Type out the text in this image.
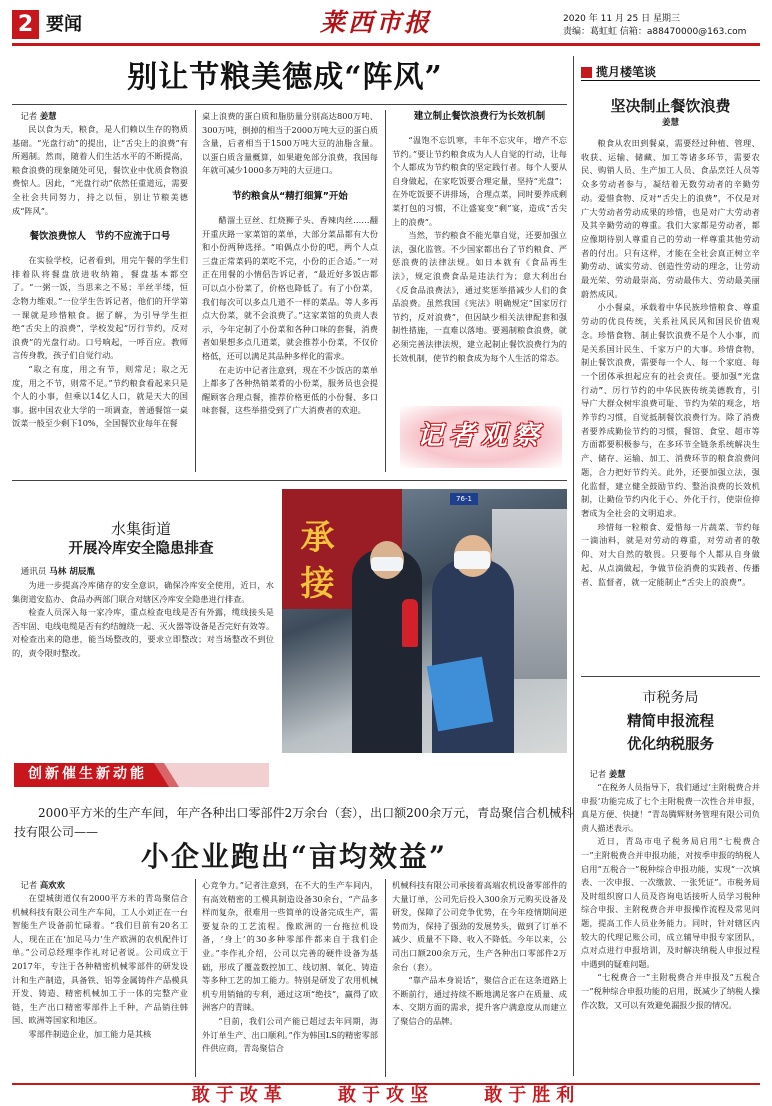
2 要闻	莱西市报	2020 年 11 月 25 日 星期三
责编：葛虹虹 信箱：a88470000@163.com
别让节粮美德成“阵风”
记者 姜慧

民以食为天，粮食，是人们赖以生存的物质基础。“光盘行动”的提出，让“舌尖上的浪费”有所遏制。然而，随着人们生活水平的不断提高，粮食浪费的现象随处可见，餐饮业中优质食物浪费惊人。因此，“光盘行动”依然任重道远，需要全社会共同努力，持之以恒，别让节粮美德成“阵风”。

餐饮浪费惊人　节约不应流于口号

在实验学校，记者看到，用完午餐的学生们排着队将餐盘放进收纳箱，餐盘基本都空了。“一粥一饭，当思来之不易；半丝半缕，恒念物力维艰。”一位学生告诉记者，他们的开学第一课就是珍惜粮食。据了解，为引导学生拒绝“舌尖上的浪费”，学校发起“厉行节约，反对浪费”的光盘行动。口号响起，一呼百应。教师言传身教，孩子们自觉行动。

“取之有度，用之有节，则常足；取之无度，用之不节，则常不足。”节约粮食看起来只是个人的小事，但乘以14亿人口，就是天大的国事。据中国农业大学的一项调查，普通餐馆一桌饭菜一般至少剩下10%，全国餐饮业每年在餐

桌上浪费的蛋白质和脂肪量分别高达800万吨、300万吨，倒掉的相当于2000万吨大豆的蛋白质含量，后者相当于1500万吨大豆的油脂含量。以蛋白质含量概算，如果避免部分浪费，我国每年就可减少1000多万吨的大豆进口。

节约粮食从“精打细算”开始

醋溜土豆丝、红烧狮子头、香辣肉丝……翻开重庆路一家菜馆的菜单，大部分菜品都有大份和小份两种选择。“咱偶点小份的吧，两个人点三盘正常菜码的菜吃不完，小份的正合适。”一对正在用餐的小情侣告诉记者，“最近好多饭店都可以点小份菜了，价格也降低了。有了小份菜，我们每次可以多点几道不一样的菜品。等人多再点大份菜，就不会浪费了。”这家菜馆的负责人表示，今年定制了小份菜和各种口味的套餐，消费者如果想多点几道菜，就会推荐小份菜，不仅价格低，还可以满足其品种多样化的需求。

在走访中记者注意到，现在不少饭店的菜单上都多了各种热销菜肴的小份菜，服务员也会提醒顾客合理点餐，推荐价格更低的小份餐、多口味套餐，这些举措受到了广大消费者的欢迎。

建立制止餐饮浪费行为长效机制

“温饱不忘饥寒，丰年不忘灾年，增产不忘节约。”要让节约粮食成为人人自觉的行动，让每个人都成为节约粮食的坚定践行者。每个人要从自身做起，在家吃饭要合理定量，坚持“光盘”；在外吃饭要不讲排场，合理点菜，同时要养成剩菜打包的习惯，不让盛宴变“剩”宴，造成“舌尖上的浪费”。

当然，节约粮食不能光靠自觉，还要加强立法，强化监管。不少国家都出台了节约粮食、严惩浪费的法律法规。如日本就有《食品再生法》，规定浪费食品是违法行为；意大利出台《反食品浪费法》，通过奖惩举措减少人们的食品浪费。虽然我国《宪法》明确规定“国家厉行节约，反对浪费”，但因缺少相关法律配套和强制性措施，一直难以落地。要遏制粮食浪费，就必须完善法律法规，建立起制止餐饮浪费行为的长效机制，使节约粮食成为每个人生活的常态。

记者观察
揽月楼笔谈
坚决制止餐饮浪费
姜慧

粮食从农田到餐桌，需要经过种植、管理、收获、运输、储藏、加工等诸多环节，需要农民、购销人员、生产加工人员、食品烹饪人员等众多劳动者参与，凝结着无数劳动者的辛勤劳动。爱惜食物、反对“舌尖上的浪费”，不仅是对广大劳动者劳动成果的珍惜，也是对广大劳动者及其辛勤劳动的尊重。我们大家都是劳动者，都应像期待别人尊重自己的劳动一样尊重其他劳动者的付出。只有这样，才能在全社会真正树立辛勤劳动、诚实劳动、创造性劳动的理念，让劳动最光荣、劳动最崇高、劳动最伟大、劳动最美丽蔚然成风。

小小餐桌，承载着中华民族珍惜粮食、尊重劳动的优良传统，关系社风民风和国民价值观念。珍惜食物、制止餐饮浪费不是个人小事，而是关系国计民生、千家万户的大事。珍惜食物，制止餐饮浪费，需要每一个人、每一个家庭、每一个团体承担起应有的社会责任。要加强“光盘行动”、厉行节约的中华民族传统美德教育，引导广大群众树牢浪费可耻、节约为荣的观念，培养节约习惯，自觉抵制餐饮浪费行为。除了消费者要养成勤俭节约的习惯，餐馆、食堂、超市等方面都要积极参与，在多环节全链条系统解决生产、储存、运输、加工、消费环节的粮食浪费问题，合力把好节约关。此外，还要加强立法，强化监督，建立健全鼓励节约、整治浪费的长效机制，让勤俭节约内化于心、外化于行，使崇俭抑奢成为全社会的文明追求。

珍惜每一粒粮食、爱惜每一片蔬菜、节约每一滴油料，就是对劳动的尊重，对劳动者的敬仰、对大自然的敬畏。只要每个人都从自身做起、从点滴做起，争做节俭消费的实践者、传播者、监督者，就一定能制止“舌尖上的浪费”。

水集街道
开展冷库安全隐患排查
通讯员 马林 胡辰胤

为进一步提高冷库储存的安全意识，确保冷库安全使用，近日，水集街道安监办、食品办两部门联合对辖区冷库安全隐患进行排查。

检查人员深入每一家冷库，重点检查电线是否有外露，缆线接头是否牢固、电线电缆是否有约结缠绕一起、灭火器等设备是否完好有效等。对检查出来的隐患，能当场整改的，要求立即整改；对当场整改不到位的，责令限时整改。

承 接
76-1
市税务局
精简申报流程
优化纳税服务
记者 姜慧

“在税务人员指导下，我们通过‘主附税费合并申报’功能完成了七个主附税费一次性合并申报，真是方便、快捷！”青岛腾辉财务管理有限公司负责人描述表示。

近日，青岛市电子税务局启用“七税费合一”主附税费合并申报功能，对按季申报的纳税人启用“五税合一”税种综合申报功能，实现“一次填表、一次申报、一次缴款、一张凭证”。市税务局及时组织窗口人员及咨询电话接听人员学习税种综合申报、主附税费合并申报操作流程及常见问题，提高工作人员业务能力。同时，针对辖区内较大的代理记账公司，成立辅导申报专家团队，点对点进行申报培训，及时解决纳税人申报过程中遇到的疑难问题。

“七税费合一”主附税费合并申报及“五税合一”税种综合申报功能的启用，既减少了纳税人操作次数，又可以有效避免漏报少报的情况。

创新催生新动能
2000平方米的生产车间，年产各种出口零部件2万余台（套），出口额200余万元，青岛聚信合机械科技有限公司——
小企业跑出“亩均效益”
记者 高欢欢

在望城街道仅有2000平方米的青岛聚信合机械科技有限公司生产车间，工人小刘正在一台智能生产设备前忙碌着。“我们目前有20名工人，现在正在‘加足马力’生产欧洲的农机配件订单。”公司总经理李作礼对记者说。公司成立于2017年，专注于各种精密机械零部件的研发设计和生产制造，具备铁、铝等金属铸件产品模具开发、铸造、精密机械加工于一体的完整产业链，生产出口精密零部件上千种，产品销往韩国、欧洲等国家和地区。

零部件制造企业，加工能力是其核

心竞争力。”记者注意到，在不大的生产车间内，有高效精密的工模具制造设备30余台，“产品多样而复杂，很难用一些简单的设备完成生产，需要复杂的工艺流程。像欧洲的一台拖拉机设备，‘身上’的30多种零部件都来自于我们企业。”李作礼介绍，公司以完善的硬件设备为基础，形成了覆盖数控加工、线切割、氧化、铸造等多种工艺的加工能力。特别是研发了农用机械机专用销轴的专利，通过这项“绝技”，赢得了欧洲客户的青睐。

“目前，我们公司产能已超过去年同期，海外订单生产、出口顺利。”作为韩国LS的精密零部件供应商，青岛聚信合

机械科技有限公司承接着高端农机设备零部件的大量订单，公司先后投入300余万元购买设备及研发，保障了公司竞争优势，在今年疫情期间逆势而为，保持了强劲的发展势头，做到了订单不减少、质量不下降、收入不降低。今年以来，公司出口额200余万元，生产各种出口零部件2万余台（套）。

“靠产品本身说话”，聚信合正在这条道路上不断前行，通过持续不断地满足客户在质量、成本、交期方面的需求，提升客户满意度从而建立了聚信合的品牌。

敢于改革 敢于攻坚 敢于胜利
